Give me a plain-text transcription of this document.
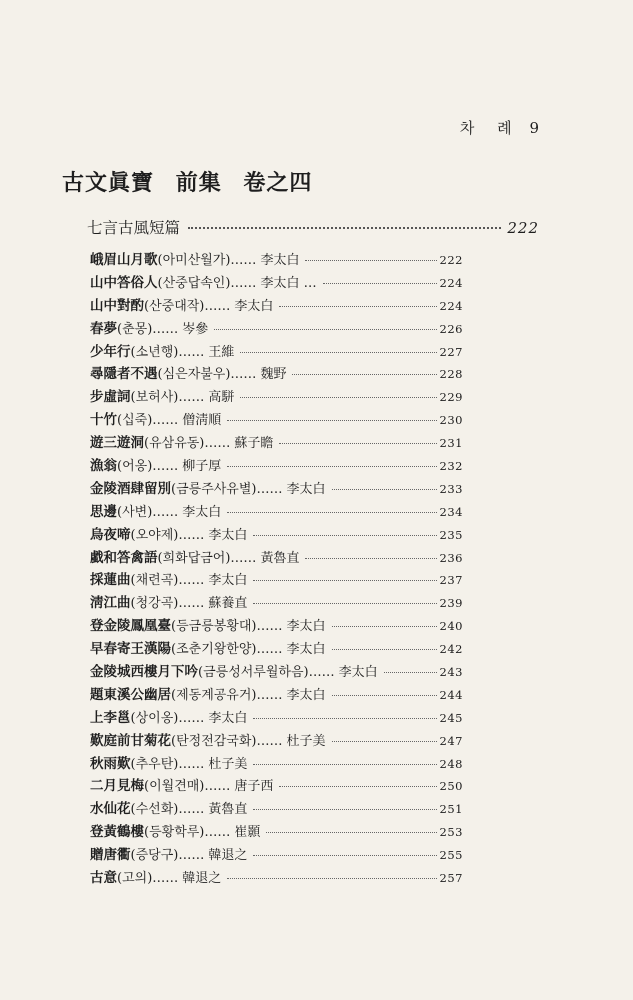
차 례 9
古文眞寶 前集 卷之四
七言古風短篇	222
峨眉山月歌 (아미산월가)…… 李太白	222
山中答俗人 (산중답속인)…… 李太白 …	224
山中對酌 (산중대작)…… 李太白	224
春夢 (춘몽)…… 岑參	226
少年行 (소년행)…… 王維	227
尋隱者不遇 (심은자불우)…… 魏野	228
步虛詞 (보허사)…… 高駢	229
十竹 (십죽)…… 僧淸順	230
遊三遊洞 (유삼유동)…… 蘇子瞻	231
漁翁 (어옹)…… 柳子厚	232
金陵酒肆留別 (금릉주사유별)…… 李太白	233
思邊 (사변)…… 李太白	234
烏夜啼 (오야제)…… 李太白	235
戱和答禽語 (희화답금어)…… 黃魯直	236
採蓮曲 (채련곡)…… 李太白	237
淸江曲 (청강곡)…… 蘇養直	239
登金陵鳳凰臺 (등금릉봉황대)…… 李太白	240
早春寄王漢陽 (조춘기왕한양)…… 李太白	242
金陵城西樓月下吟 (금릉성서루월하음)…… 李太白	243
題東溪公幽居 (제동계공유거)…… 李太白	244
上李邕 (상이옹)…… 李太白	245
歎庭前甘菊花 (탄정전감국화)…… 杜子美	247
秋雨歎 (추우탄)…… 杜子美	248
二月見梅 (이월견매)…… 唐子西	250
水仙花 (수선화)…… 黃魯直	251
登黃鶴樓 (등황학루)…… 崔顥	253
贈唐衢 (증당구)…… 韓退之	255
古意 (고의)…… 韓退之	257
